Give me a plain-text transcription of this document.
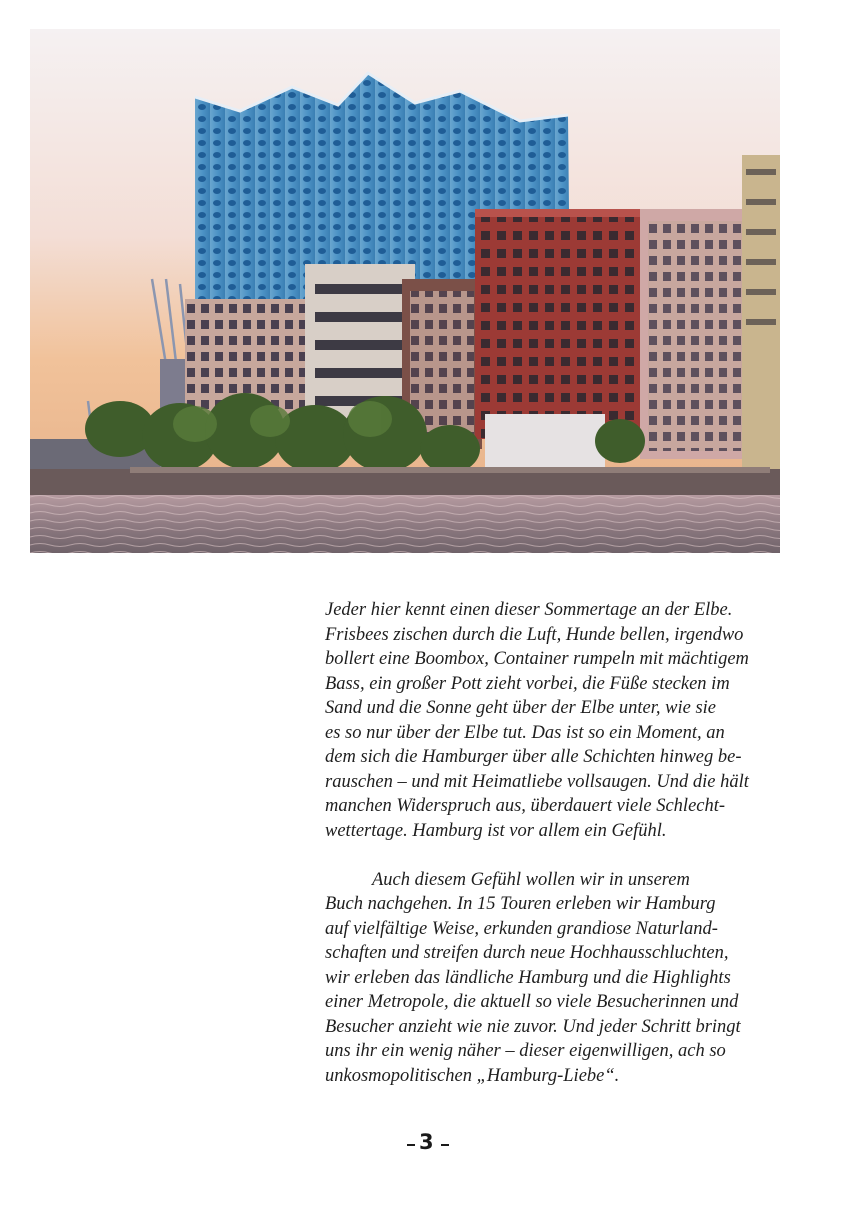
Jeder hier kennt einen dieser Sommertage an der Elbe.
Frisbees zischen durch die Luft, Hunde bellen, irgendwo
bollert eine Boombox, Container rumpeln mit mächtigem
Bass, ein großer Pott zieht vorbei, die Füße stecken im
Sand und die Sonne geht über der Elbe unter, wie sie
es so nur über der Elbe tut. Das ist so ein Moment, an
dem sich die Hamburger über alle Schichten hinweg be-
rauschen – und mit Heimatliebe vollsaugen. Und die hält
manchen Widerspruch aus, überdauert viele Schlecht-
wettertage. Hamburg ist vor allem ein Gefühl.
Auch diesem Gefühl wollen wir in unserem
Buch nachgehen. In 15 Touren erleben wir Hamburg
auf vielfältige Weise, erkunden grandiose Naturland-
schaften und streifen durch neue Hochhausschluchten,
wir erleben das ländliche Hamburg und die Highlights
einer Metropole, die aktuell so viele Besucherinnen und
Besucher anzieht wie nie zuvor. Und jeder Schritt bringt
uns ihr ein wenig näher – dieser eigenwilligen, ach so
unkosmopolitischen „Hamburg-Liebe“.
3
